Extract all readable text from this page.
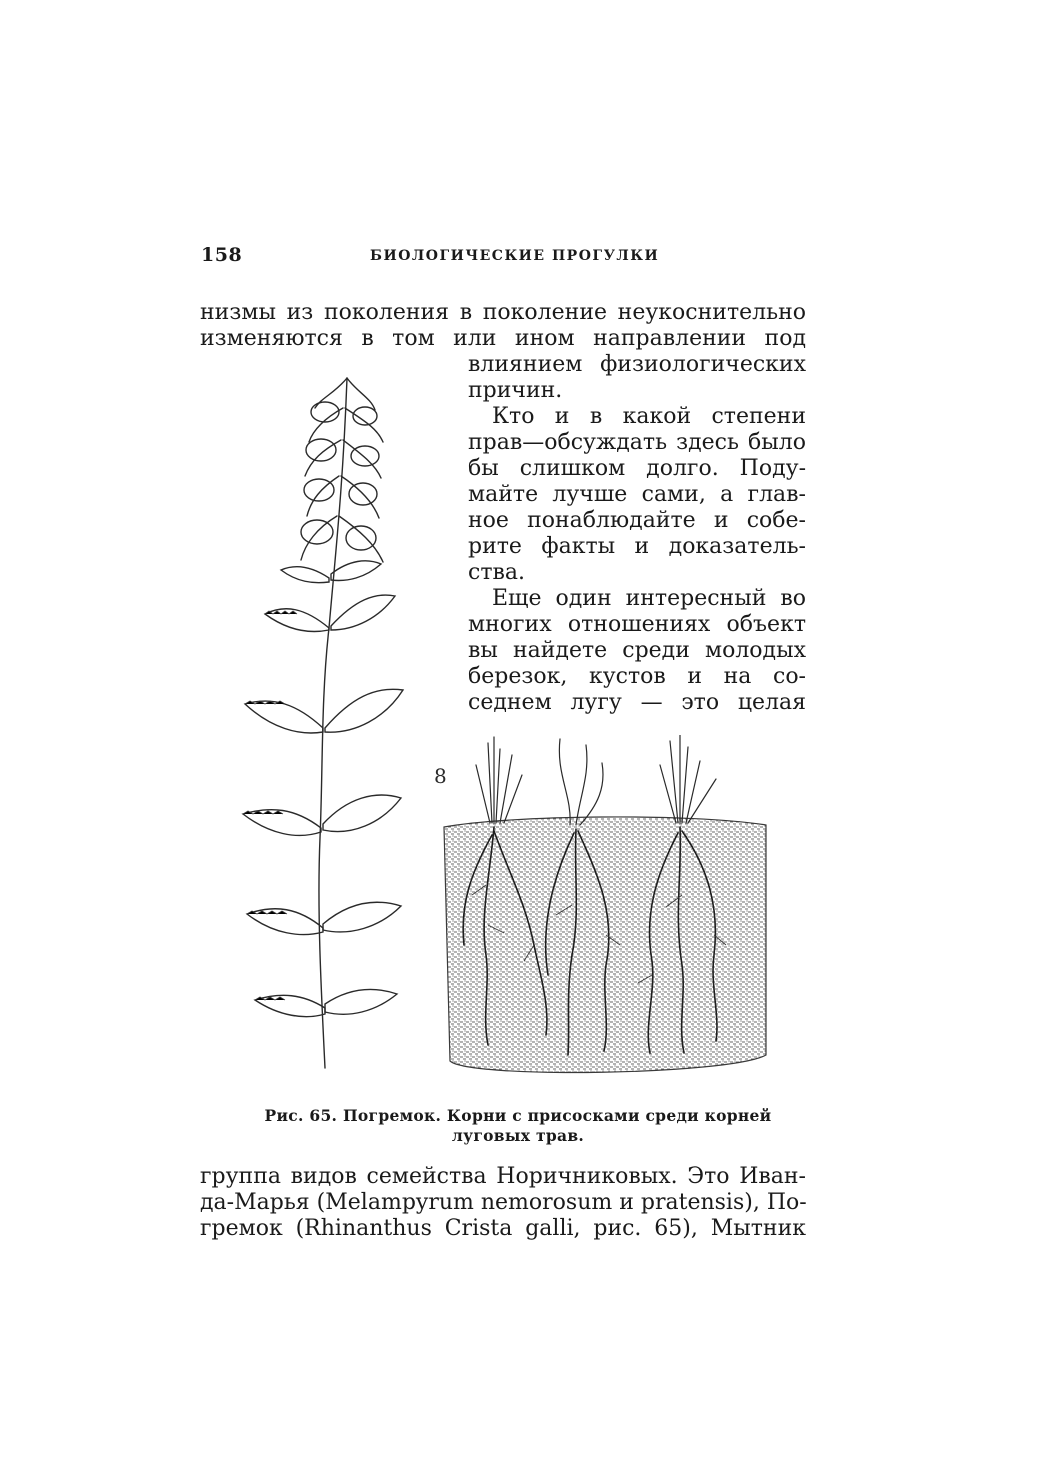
158	БИОЛОГИЧЕСКИЕ ПРОГУЛКИ
низмы из поколения в поколение неукоснительно
изменяются в том или ином направлении под
влиянием физиологических
причин.
Кто и в какой степени
прав—обсуждать здесь было
бы слишком долго. Поду-
майте лучше сами, а глав-
ное понаблюдайте и собе-
рите факты и доказатель-
ства.
Еще один интересный во
многих отношениях объект
вы найдете среди молодых
березок, кустов и на со-
седнем лугу — это целая
8
Рис. 65. Погремок. Корни с присосками среди корней
луговых трав.
группа видов семейства Норичниковых. Это Иван-
да-Марья (Melampyrum nemorosum и pratensis), По-
гремок (Rhinanthus Crista galli, рис. 65), Мытник
